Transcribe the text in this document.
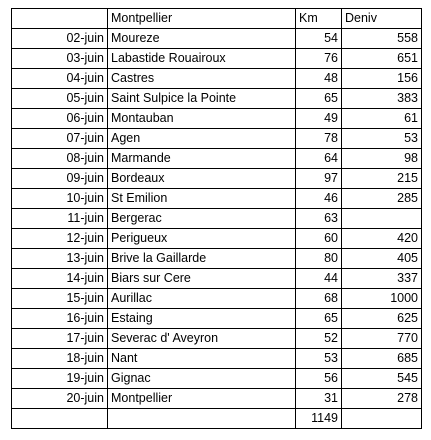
	Montpellier	Km	Deniv
02-juin	Moureze	54	558
03-juin	Labastide Rouairoux	76	651
04-juin	Castres	48	156
05-juin	Saint Sulpice la Pointe	65	383
06-juin	Montauban	49	61
07-juin	Agen	78	53
08-juin	Marmande	64	98
09-juin	Bordeaux	97	215
10-juin	St Emilion	46	285
11-juin	Bergerac	63	
12-juin	Perigueux	60	420
13-juin	Brive la Gaillarde	80	405
14-juin	Biars sur Cere	44	337
15-juin	Aurillac	68	1000
16-juin	Estaing	65	625
17-juin	Severac d' Aveyron	52	770
18-juin	Nant	53	685
19-juin	Gignac	56	545
20-juin	Montpellier	31	278
		1149	
